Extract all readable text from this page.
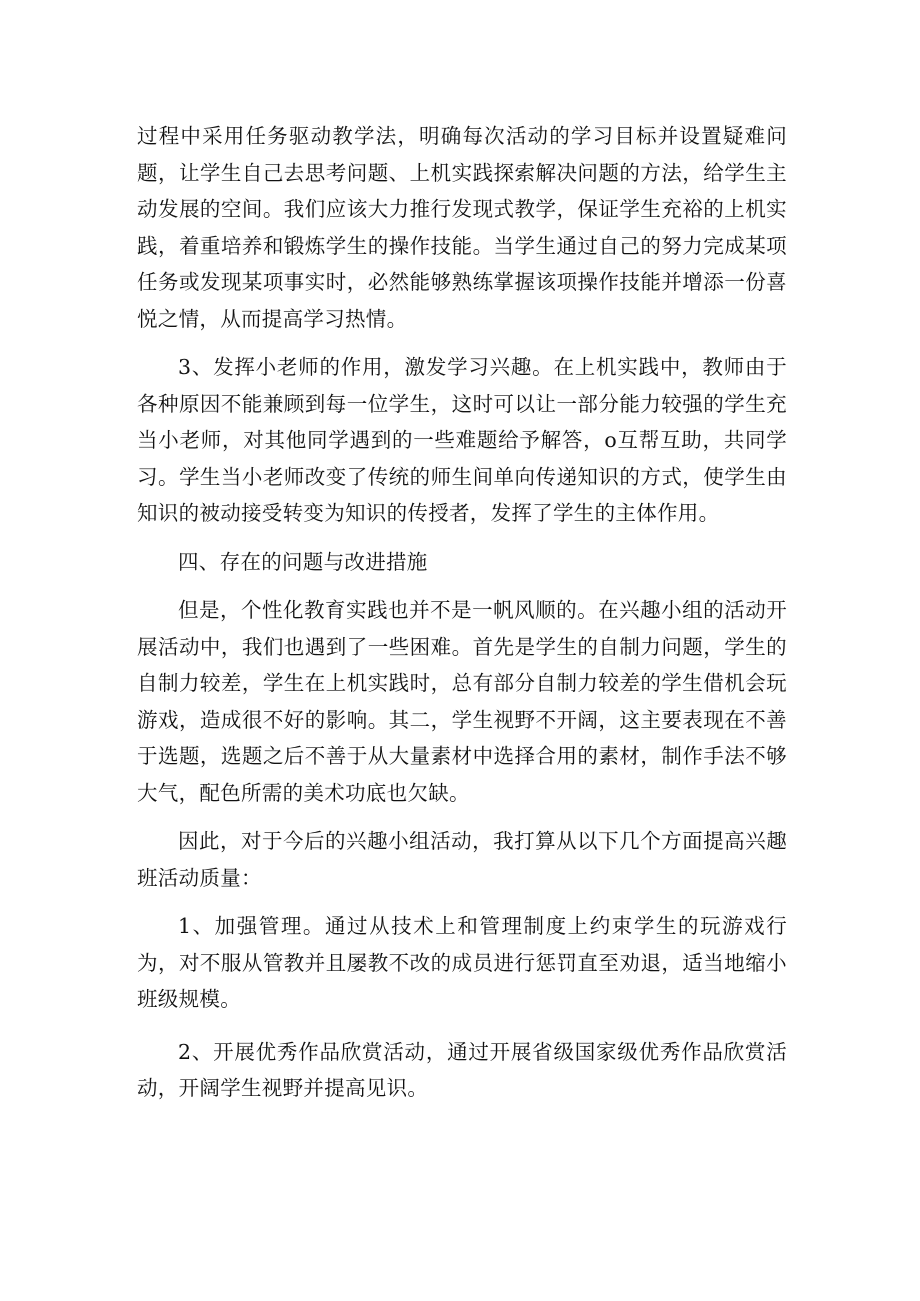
过程中采用任务驱动教学法，明确每次活动的学习目标并设置疑难问题，让学生自己去思考问题、上机实践探索解决问题的方法，给学生主动发展的空间。我们应该大力推行发现式教学，保证学生充裕的上机实践，着重培养和锻炼学生的操作技能。当学生通过自己的努力完成某项任务或发现某项事实时，必然能够熟练掌握该项操作技能并增添一份喜悦之情，从而提高学习热情。

3、发挥小老师的作用，激发学习兴趣。在上机实践中，教师由于各种原因不能兼顾到每一位学生，这时可以让一部分能力较强的学生充当小老师，对其他同学遇到的一些难题给予解答，o互帮互助，共同学习。学生当小老师改变了传统的师生间单向传递知识的方式，使学生由知识的被动接受转变为知识的传授者，发挥了学生的主体作用。

四、存在的问题与改进措施

但是，个性化教育实践也并不是一帆风顺的。在兴趣小组的活动开展活动中，我们也遇到了一些困难。首先是学生的自制力问题，学生的自制力较差，学生在上机实践时，总有部分自制力较差的学生借机会玩游戏，造成很不好的影响。其二，学生视野不开阔，这主要表现在不善于选题，选题之后不善于从大量素材中选择合用的素材，制作手法不够大气，配色所需的美术功底也欠缺。

因此，对于今后的兴趣小组活动，我打算从以下几个方面提高兴趣班活动质量：

1、加强管理。通过从技术上和管理制度上约束学生的玩游戏行为，对不服从管教并且屡教不改的成员进行惩罚直至劝退，适当地缩小班级规模。

2、开展优秀作品欣赏活动，通过开展省级国家级优秀作品欣赏活动，开阔学生视野并提高见识。
